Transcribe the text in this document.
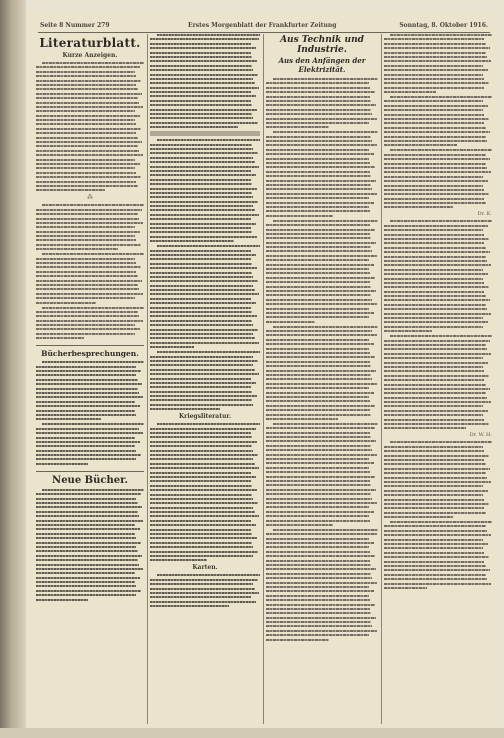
Seite 8 Nummer 279	Erstes Morgenblatt der Frankfurter Zeitung	Sonntag, 8. Oktober 1916.
Literaturblatt.
Kurze Anzeigen.
⁂
Bücherbesprechungen.
Neue Bücher.
Kriegsliteratur.
Karten.
Aus Technik und Industrie.
Aus den Anfängen der Elektrizität.
Dr. K.
Dr. W. H.
